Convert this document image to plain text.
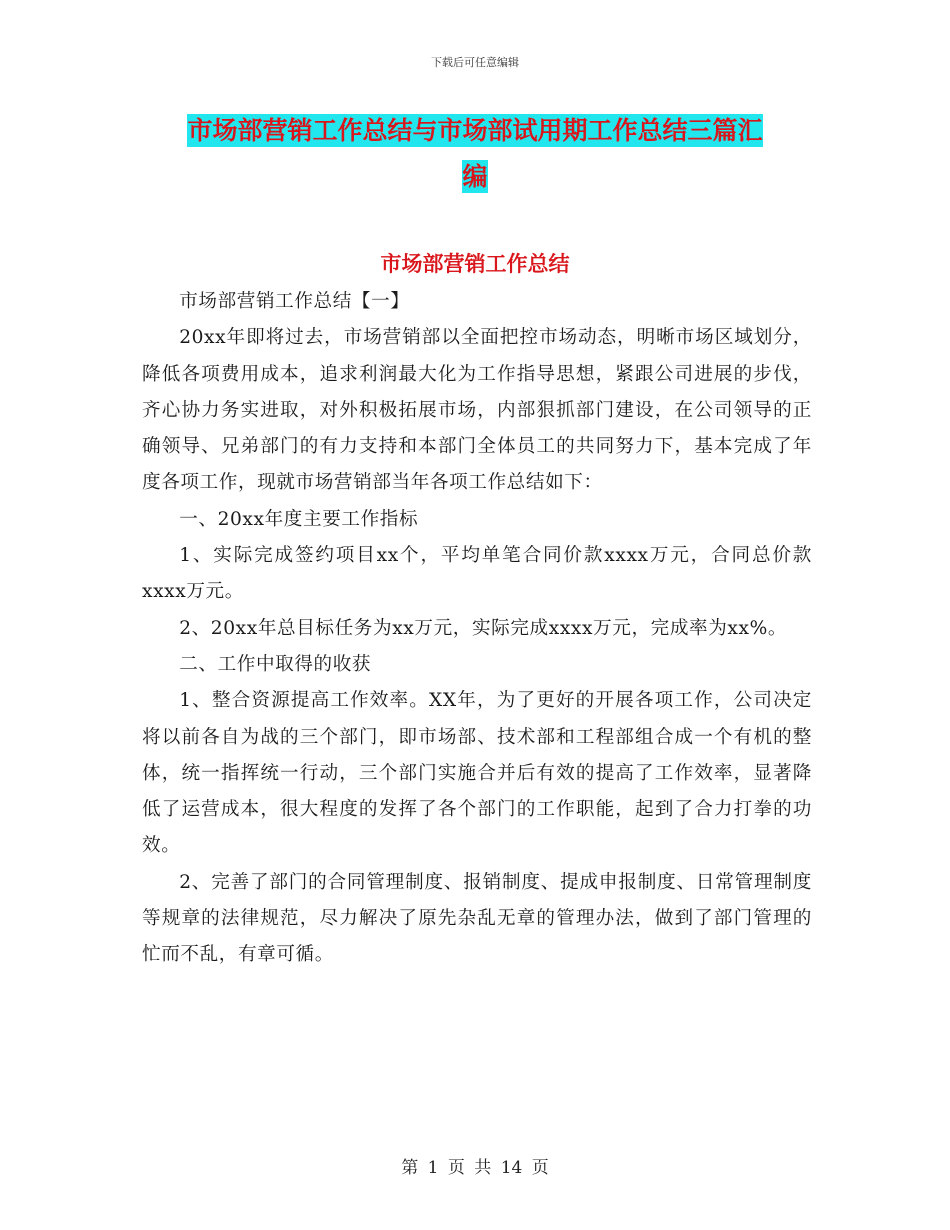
下载后可任意编辑
市场部营销工作总结与市场部试用期工作总结三篇汇
编
市场部营销工作总结

市场部营销工作总结【一】

20xx年即将过去，市场营销部以全面把控市场动态，明晰市场区域划分，降低各项费用成本，追求利润最大化为工作指导思想，紧跟公司进展的步伐，齐心协力务实进取，对外积极拓展市场，内部狠抓部门建设，在公司领导的正确领导、兄弟部门的有力支持和本部门全体员工的共同努力下，基本完成了年度各项工作，现就市场营销部当年各项工作总结如下：

一、20xx年度主要工作指标

1、实际完成签约项目xx个，平均单笔合同价款xxxx万元，合同总价款xxxx万元。

2、20xx年总目标任务为xx万元，实际完成xxxx万元，完成率为xx%。

二、工作中取得的收获

1、整合资源提高工作效率。XX年，为了更好的开展各项工作，公司决定将以前各自为战的三个部门，即市场部、技术部和工程部组合成一个有机的整体，统一指挥统一行动，三个部门实施合并后有效的提高了工作效率，显著降低了运营成本，很大程度的发挥了各个部门的工作职能，起到了合力打拳的功效。

2、完善了部门的合同管理制度、报销制度、提成申报制度、日常管理制度等规章的法律规范，尽力解决了原先杂乱无章的管理办法，做到了部门管理的忙而不乱，有章可循。

第 1 页 共 14 页
